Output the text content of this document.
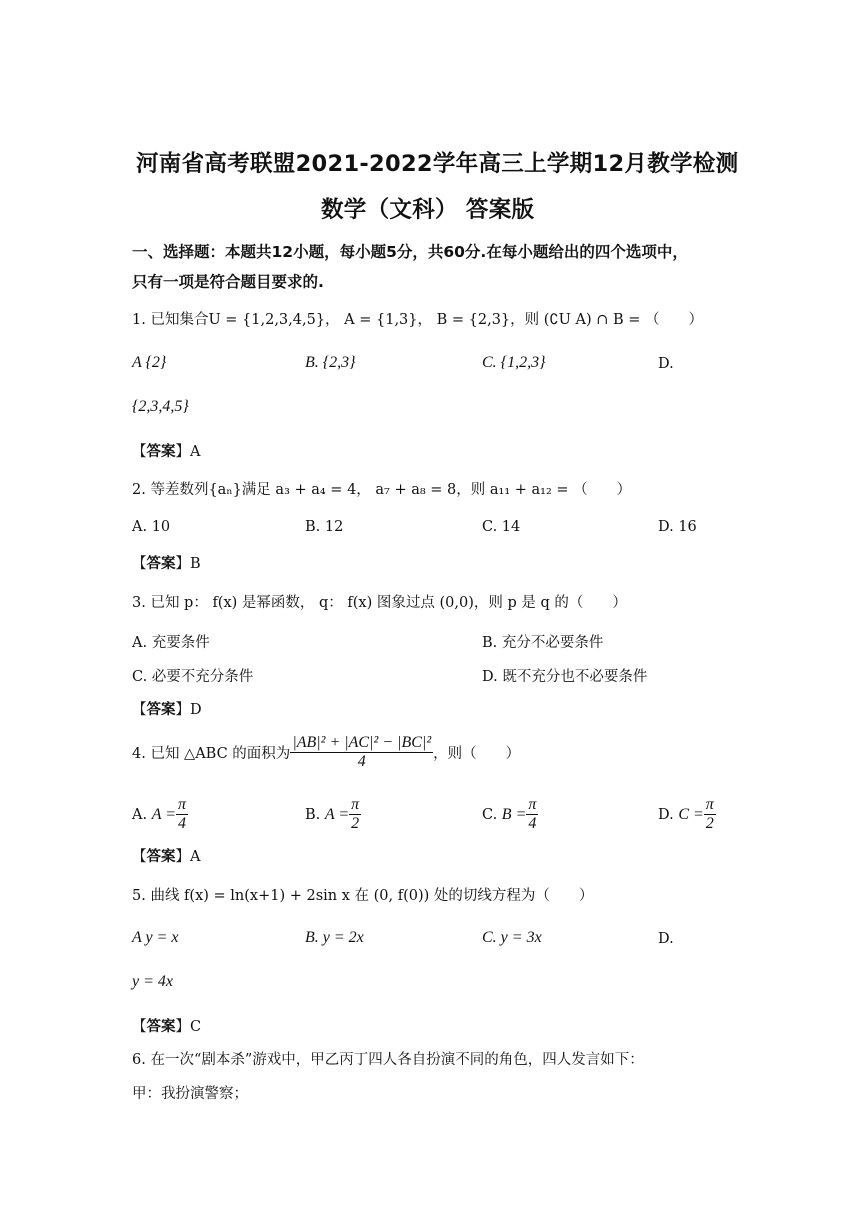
河南省高考联盟2021-2022学年高三上学期12月教学检测
数学（文科） 答案版
一、选择题：本题共12小题，每小题5分，共60分.在每小题给出的四个选项中，
只有一项是符合题目要求的.
1. 已知集合U = {1,2,3,4,5}， A = {1,3}， B = {2,3}，则 (∁U A) ∩ B = （　　）
A {2}	B. {2,3}	C. {1,2,3}	D.
{2,3,4,5}
【答案】A
2. 等差数列{aₙ}满足 a₃ + a₄ = 4， a₇ + a₈ = 8，则 a₁₁ + a₁₂ = （　　）
A. 10	B. 12	C. 14	D. 16
【答案】B
3. 已知 p： f(x) 是幂函数， q： f(x) 图象过点 (0,0)，则 p 是 q 的（　　）
A. 充要条件	B. 充分不必要条件
C. 必要不充分条件	D. 既不充分也不必要条件
【答案】D
4. 已知 △ABC 的面积为 $\frac{\text{|AB|² + |AC|² − |BC|²}}{4}$ ，则（　　）
A.
$A = \frac{\pi}{4}$	B.
$A = \frac{\pi}{2}$	C.
$B = \frac{\pi}{4}$	D.
$C = \frac{\pi}{2}$
【答案】A
5. 曲线 f(x) = ln(x+1) + 2sin x 在 (0, f(0)) 处的切线方程为（　　）
A y = x	B. y = 2x	C. y = 3x	D.
y = 4x
【答案】C
6. 在一次“剧本杀”游戏中，甲乙丙丁四人各自扮演不同的角色，四人发言如下：
甲：我扮演警察；
